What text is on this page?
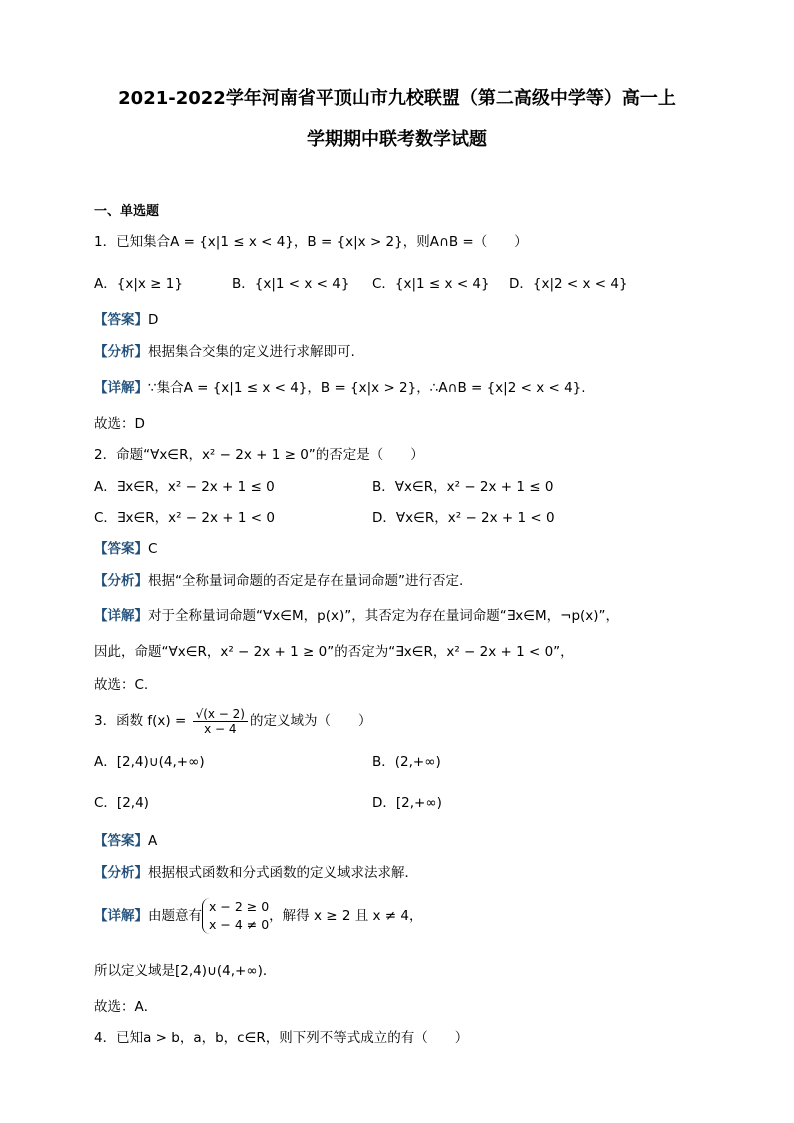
2021-2022学年河南省平顶山市九校联盟（第二高级中学等）高一上
学期期中联考数学试题
一、单选题
1．已知集合A = {x|1 ≤ x < 4}，B = {x|x > 2}，则A∩B =（　　）
A．{x|x ≥ 1}	B．{x|1 < x < 4} C．{x|1 ≤ x < 4} D．{x|2 < x < 4}
【答案】D
【分析】根据集合交集的定义进行求解即可.
【详解】∵集合A = {x|1 ≤ x < 4}，B = {x|x > 2}，∴A∩B = {x|2 < x < 4}.
故选：D
2．命题“∀x∈R，x² − 2x + 1 ≥ 0”的否定是（　　）
A．∃x∈R，x² − 2x + 1 ≤ 0	B．∀x∈R，x² − 2x + 1 ≤ 0
C．∃x∈R，x² − 2x + 1 < 0	D．∀x∈R，x² − 2x + 1 < 0
【答案】C
【分析】根据“全称量词命题的否定是存在量词命题”进行否定.
【详解】对于全称量词命题“∀x∈M，p(x)”，其否定为存在量词命题“∃x∈M，¬p(x)”，
因此，命题“∀x∈R，x² − 2x + 1 ≥ 0”的否定为“∃x∈R，x² − 2x + 1 < 0”，
故选：C.
3．函数 $f(x) = \frac{√(x - 2)}{x - 4}$ 的定义域为（　　）
A．[2,4)∪(4,+∞)	B．(2,+∞)
C．[2,4)	D．[2,+∞)
【答案】A
【分析】根据根式函数和分式函数的定义域求法求解．
【详解】由题意有
x − 2 ≥ 0
x − 4 ≠ 0
，解得 x ≥ 2 且 x ≠ 4，
所以定义域是[2,4)∪(4,+∞)．
故选：A．
4．已知a > b，a，b，c∈R，则下列不等式成立的有（　　）
